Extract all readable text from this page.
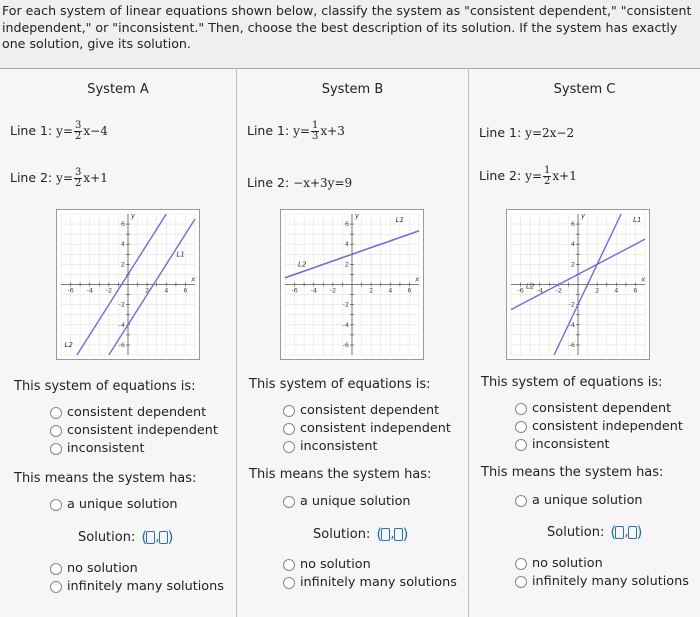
For each system of linear equations shown below, classify the system as "consistent dependent," "consistent independent," or "inconsistent." Then, choose the best description of its solution. If the system has exactly one solution, give its solution.
System A
Line 1: $y= \frac{3}{2} x-4$
Line 2: $y= \frac{3}{2} x+1$
-6 -4 -2	2 4 6
6
4
2
-2
-4
-6
x
y
L1
L2
This system of equations is:
consistent dependent
consistent independent
inconsistent
This means the system has:
a unique solution
Solution: ( , )
no solution
infinitely many solutions
System B
Line 1: $y= \frac{1}{3} x+3$
Line 2: −x+3y=9
-6 -4 -2	2 4 6
6
4
2
-2
-4
-6
x
y
L1
L2
This system of equations is:
consistent dependent
consistent independent
inconsistent
This means the system has:
a unique solution
Solution: ( , )
no solution
infinitely many solutions
System C
Line 1: y=2x−2
Line 2: $y= \frac{1}{2} x+1$
-6 -4 -2	2 4 6
6
4
2
-2
-4
-6
x
y
L1
L2
This system of equations is:
consistent dependent
consistent independent
inconsistent
This means the system has:
a unique solution
Solution: ( , )
no solution
infinitely many solutions
